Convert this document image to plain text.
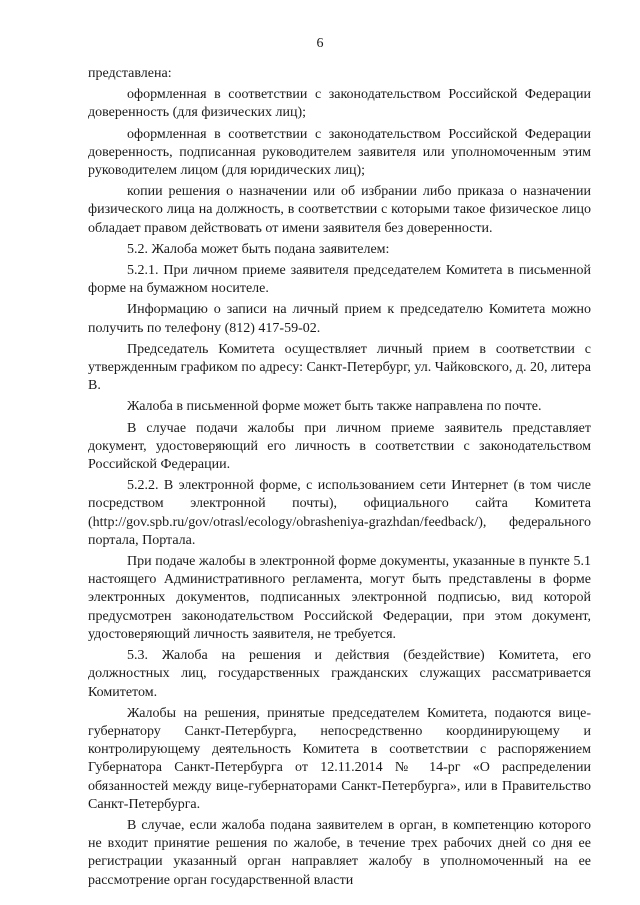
6

представлена:

оформленная в соответствии с законодательством Российской Федерации доверенность (для физических лиц);

оформленная в соответствии с законодательством Российской Федерации доверенность, подписанная руководителем заявителя или уполномоченным этим руководителем лицом (для юридических лиц);

копии решения о назначении или об избрании либо приказа о назначении физического лица на должность, в соответствии с которыми такое физическое лицо обладает правом действовать от имени заявителя без доверенности.

5.2. Жалоба может быть подана заявителем:

5.2.1. При личном приеме заявителя председателем Комитета в письменной форме на бумажном носителе.

Информацию о записи на личный прием к председателю Комитета можно получить по телефону (812) 417-59-02.

Председатель Комитета осуществляет личный прием в соответствии с утвержденным графиком по адресу: Санкт-Петербург, ул. Чайковского, д. 20, литера В.

Жалоба в письменной форме может быть также направлена по почте.

В случае подачи жалобы при личном приеме заявитель представляет документ, удостоверяющий его личность в соответствии с законодательством Российской Федерации.

5.2.2. В электронной форме, с использованием сети Интернет (в том числе посредством электронной почты), официального сайта Комитета (http://gov.spb.ru/gov/otrasl/ecology/obrasheniya-grazhdan/feedback/), федерального портала, Портала.

При подаче жалобы в электронной форме документы, указанные в пункте 5.1 настоящего Административного регламента, могут быть представлены в форме электронных документов, подписанных электронной подписью, вид которой предусмотрен законодательством Российской Федерации, при этом документ, удостоверяющий личность заявителя, не требуется.

5.3. Жалоба на решения и действия (бездействие) Комитета, его должностных лиц, государственных гражданских служащих рассматривается Комитетом.

Жалобы на решения, принятые председателем Комитета, подаются вице-губернатору Санкт-Петербурга, непосредственно координирующему и контролирующему деятельность Комитета в соответствии с распоряжением Губернатора Санкт-Петербурга от 12.11.2014 № 14-рг «О распределении обязанностей между вице-губернаторами Санкт-Петербурга», или в Правительство Санкт-Петербурга.

В случае, если жалоба подана заявителем в орган, в компетенцию которого не входит принятие решения по жалобе, в течение трех рабочих дней со дня ее регистрации указанный орган направляет жалобу в уполномоченный на ее рассмотрение орган государственной власти
